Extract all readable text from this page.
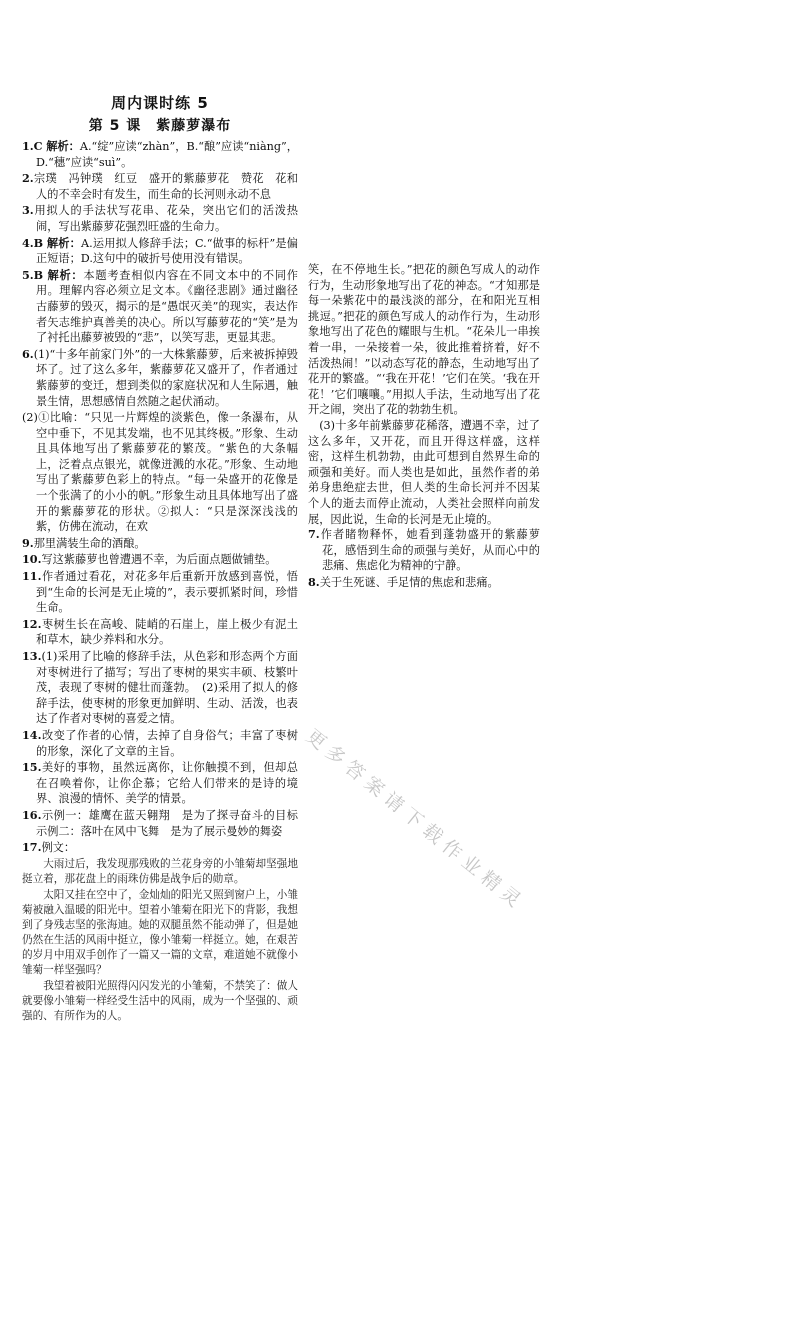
周内课时练 5
第 5 课　紫藤萝瀑布
1.C 解析：A.“绽”应读“zhàn”，B.“酿”应读“niàng”，D.“穗”应读“suì”。
2.宗璞　冯钟璞　红豆　盛开的紫藤萝花　赞花　花和人的不幸会时有发生，而生命的长河则永动不息
3.用拟人的手法状写花串、花朵，突出它们的活泼热闹，写出紫藤萝花强烈旺盛的生命力。
4.B 解析：A.运用拟人修辞手法；C.“做事的标杆”是偏正短语；D.这句中的破折号使用没有错误。
5.B 解析：本题考查相似内容在不同文本中的不同作用。理解内容必须立足文本。《幽径悲剧》通过幽径古藤萝的毁灭，揭示的是“愚氓灭美”的现实，表达作者矢志维护真善美的决心。所以写藤萝花的“笑”是为了衬托出藤萝被毁的“悲”，以笑写悲，更显其悲。
6.(1)“十多年前家门外”的一大株紫藤萝，后来被拆掉毁坏了。过了这么多年，紫藤萝花又盛开了，作者通过紫藤萝的变迁，想到类似的家庭状况和人生际遇，触景生情，思想感情自然随之起伏涌动。
(2)①比喻：“只见一片辉煌的淡紫色，像一条瀑布，从空中垂下，不见其发端，也不见其终极。”形象、生动且具体地写出了紫藤萝花的繁茂。“紫色的大条幅上，泛着点点银光，就像迸溅的水花。”形象、生动地写出了紫藤萝色彩上的特点。“每一朵盛开的花像是一个张满了的小小的帆。”形象生动且具体地写出了盛开的紫藤萝花的形状。②拟人：“只是深深浅浅的紫，仿佛在流动，在欢
9.那里满装生命的酒酿。
10.写这紫藤萝也曾遭遇不幸，为后面点题做铺垫。
11.作者通过看花，对花多年后重新开放感到喜悦，悟到“生命的长河是无止境的”，表示要抓紧时间，珍惜生命。
12.枣树生长在高峻、陡峭的石崖上，崖上极少有泥土和草木，缺少养料和水分。
13.(1)采用了比喻的修辞手法，从色彩和形态两个方面对枣树进行了描写；写出了枣树的果实丰硕、枝繁叶茂，表现了枣树的健壮而蓬勃。　(2)采用了拟人的修辞手法，使枣树的形象更加鲜明、生动、活泼，也表达了作者对枣树的喜爱之情。
14.改变了作者的心情，去掉了自身俗气；丰富了枣树的形象，深化了文章的主旨。
15.美好的事物，虽然远离你，让你触摸不到，但却总在召唤着你，让你企慕；它给人们带来的是诗的境界、浪漫的情怀、美学的情景。
16.示例一：雄鹰在蓝天翱翔　是为了探寻奋斗的目标　示例二：落叶在风中飞舞　是为了展示曼妙的舞姿
17.例文：
大雨过后，我发现那残败的兰花身旁的小雏菊却坚强地挺立着，那花盘上的雨珠仿佛是战争后的勋章。
太阳又挂在空中了，金灿灿的阳光又照到窗户上，小雏菊被融入温暖的阳光中。望着小雏菊在阳光下的背影，我想到了身残志坚的张海迪。她的双腿虽然不能动弹了，但是她仍然在生活的风雨中挺立，像小雏菊一样挺立。她，在艰苦的岁月中用双手创作了一篇又一篇的文章，难道她不就像小雏菊一样坚强吗？
我望着被阳光照得闪闪发光的小雏菊，不禁笑了：做人就要像小雏菊一样经受生活中的风雨，成为一个坚强的、顽强的、有所作为的人。
笑，在不停地生长。”把花的颜色写成人的动作行为，生动形象地写出了花的神态。“才知那是每一朵紫花中的最浅淡的部分，在和阳光互相挑逗。”把花的颜色写成人的动作行为，生动形象地写出了花色的耀眼与生机。“花朵儿一串挨着一串，一朵接着一朵，彼此推着挤着，好不活泼热闹！”以动态写花的静态，生动地写出了花开的繁盛。“‘我在开花！’它们在笑。‘我在开花！’它们嚷嚷。”用拟人手法，生动地写出了花开之闹，突出了花的勃勃生机。
(3)十多年前紫藤萝花稀落，遭遇不幸，过了这么多年，又开花，而且开得这样盛，这样密，这样生机勃勃，由此可想到自然界生命的顽强和美好。而人类也是如此，虽然作者的弟弟身患绝症去世，但人类的生命长河并不因某个人的逝去而停止流动，人类社会照样向前发展，因此说，生命的长河是无止境的。
7.作者睹物释怀，她看到蓬勃盛开的紫藤萝花，感悟到生命的顽强与美好，从而心中的悲痛、焦虑化为精神的宁静。
8.关于生死谜、手足情的焦虑和悲痛。
更多答案请下载作业精灵
